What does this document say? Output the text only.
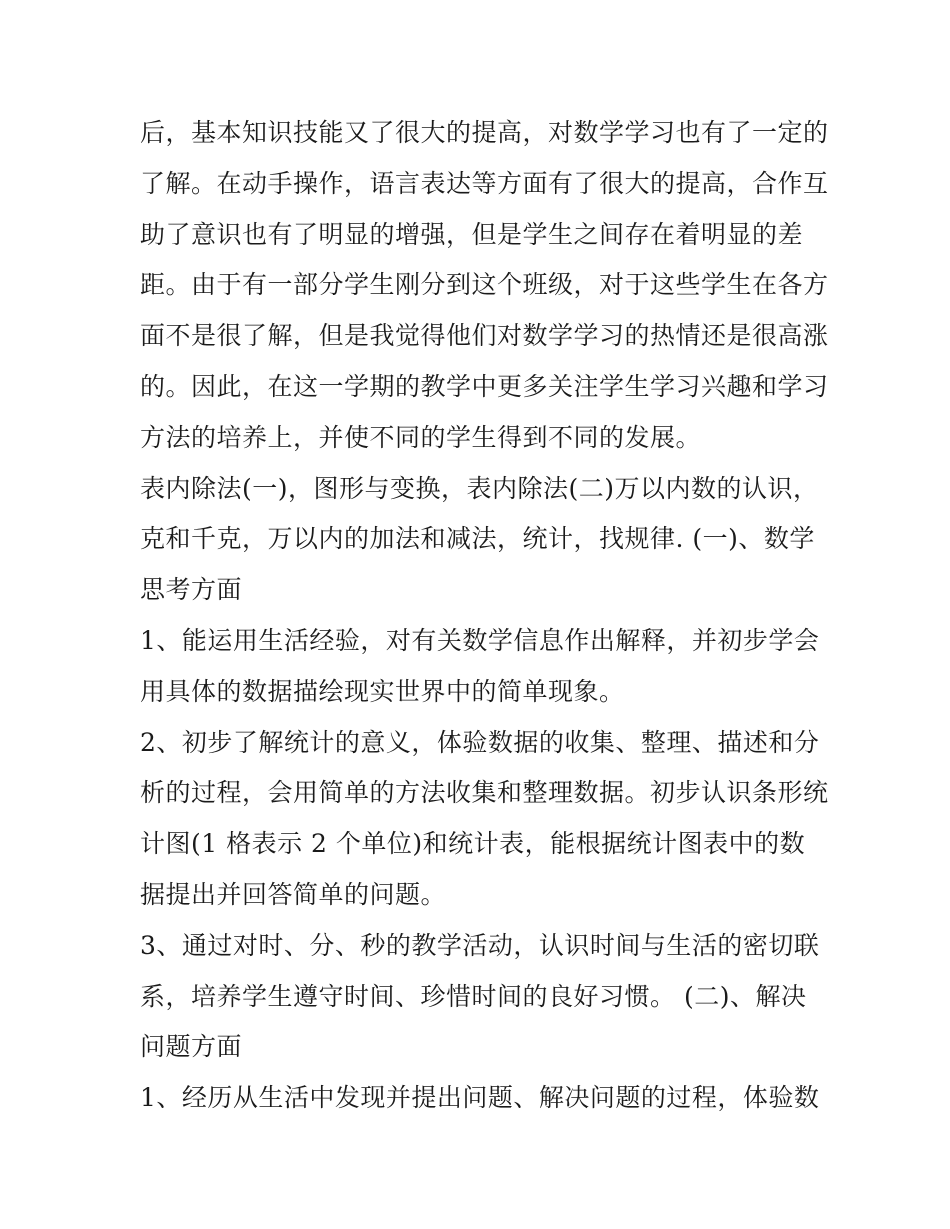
后，基本知识技能又了很大的提高，对数学学习也有了一定的了解。在动手操作，语言表达等方面有了很大的提高，合作互助了意识也有了明显的增强，但是学生之间存在着明显的差距。由于有一部分学生刚分到这个班级，对于这些学生在各方面不是很了解，但是我觉得他们对数学学习的热情还是很高涨的。因此，在这一学期的教学中更多关注学生学习兴趣和学习方法的培养上，并使不同的学生得到不同的发展。

表内除法(一)，图形与变换，表内除法(二)万以内数的认识，克和千克，万以内的加法和减法，统计，找规律. (一)、数学思考方面

1、能运用生活经验，对有关数学信息作出解释，并初步学会用具体的数据描绘现实世界中的简单现象。

2、初步了解统计的意义，体验数据的收集、整理、描述和分析的过程，会用简单的方法收集和整理数据。初步认识条形统计图(1 格表示 2 个单位)和统计表，能根据统计图表中的数据提出并回答简单的问题。

3、通过对时、分、秒的教学活动，认识时间与生活的密切联系，培养学生遵守时间、珍惜时间的良好习惯。 (二)、解决问题方面

1、经历从生活中发现并提出问题、解决问题的过程，体验数
